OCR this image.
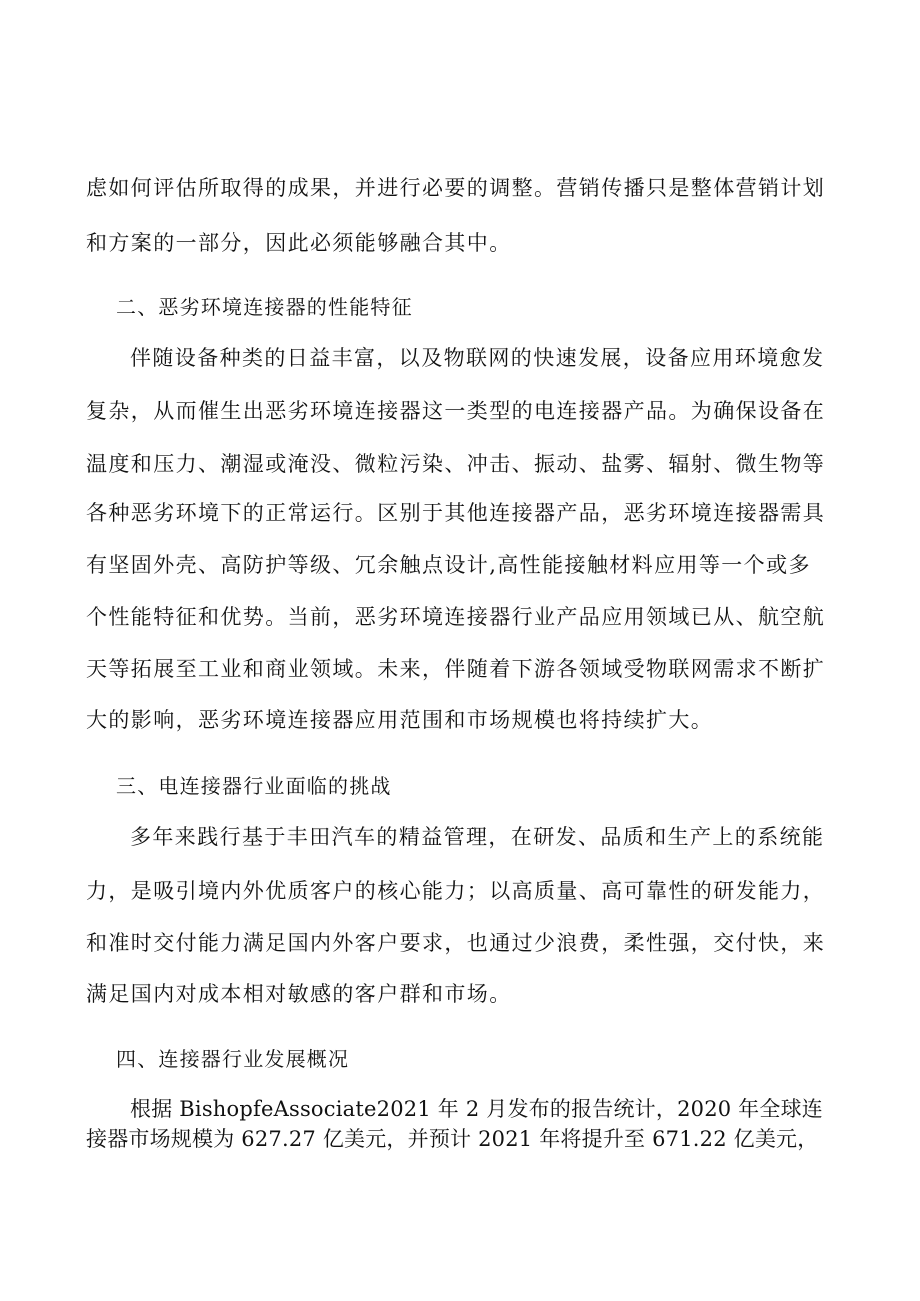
虑如何评估所取得的成果，并进行必要的调整。营销传播只是整体营销计划
和方案的一部分，因此必须能够融合其中。
二、恶劣环境连接器的性能特征
伴随设备种类的日益丰富，以及物联网的快速发展，设备应用环境愈发
复杂，从而催生出恶劣环境连接器这一类型的电连接器产品。为确保设备在
温度和压力、潮湿或淹没、微粒污染、冲击、振动、盐雾、辐射、微生物等
各种恶劣环境下的正常运行。区别于其他连接器产品，恶劣环境连接器需具
有坚固外壳、高防护等级、冗余触点设计,高性能接触材料应用等一个或多
个性能特征和优势。当前，恶劣环境连接器行业产品应用领域已从、航空航
天等拓展至工业和商业领域。未来，伴随着下游各领域受物联网需求不断扩
大的影响，恶劣环境连接器应用范围和市场规模也将持续扩大。
三、电连接器行业面临的挑战
多年来践行基于丰田汽车的精益管理，在研发、品质和生产上的系统能
力，是吸引境内外优质客户的核心能力；以高质量、高可靠性的研发能力，
和准时交付能力满足国内外客户要求，也通过少浪费，柔性强，交付快，来
满足国内对成本相对敏感的客户群和市场。
四、连接器行业发展概况
根据 BishopfeAssociate2021 年 2 月发布的报告统计，2020 年全球连
接器市场规模为 627.27 亿美元，并预计 2021 年将提升至 671.22 亿美元，
